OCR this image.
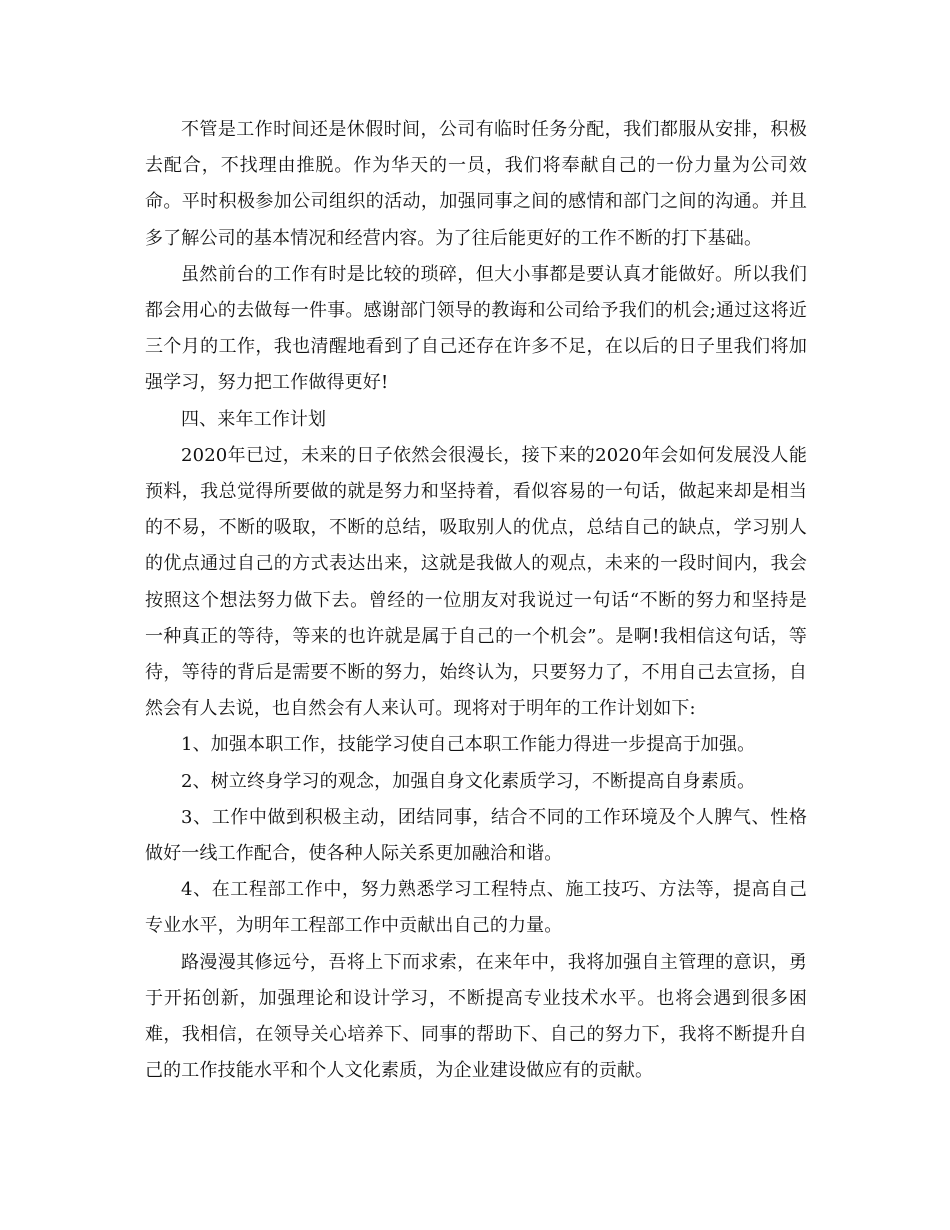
不管是工作时间还是休假时间，公司有临时任务分配，我们都服从安排，积极去配合，不找理由推脱。作为华天的一员，我们将奉献自己的一份力量为公司效命。平时积极参加公司组织的活动，加强同事之间的感情和部门之间的沟通。并且多了解公司的基本情况和经营内容。为了往后能更好的工作不断的打下基础。

虽然前台的工作有时是比较的琐碎，但大小事都是要认真才能做好。所以我们都会用心的去做每一件事。感谢部门领导的教诲和公司给予我们的机会;通过这将近三个月的工作，我也清醒地看到了自己还存在许多不足，在以后的日子里我们将加强学习，努力把工作做得更好!

四、来年工作计划

2020年已过，未来的日子依然会很漫长，接下来的2020年会如何发展没人能预料，我总觉得所要做的就是努力和坚持着，看似容易的一句话，做起来却是相当的不易，不断的吸取，不断的总结，吸取别人的优点，总结自己的缺点，学习别人的优点通过自己的方式表达出来，这就是我做人的观点，未来的一段时间内，我会按照这个想法努力做下去。曾经的一位朋友对我说过一句话“不断的努力和坚持是一种真正的等待，等来的也许就是属于自己的一个机会”。是啊!我相信这句话，等待，等待的背后是需要不断的努力，始终认为，只要努力了，不用自己去宣扬，自然会有人去说，也自然会有人来认可。现将对于明年的工作计划如下:

1、加强本职工作，技能学习使自己本职工作能力得进一步提高于加强。

2、树立终身学习的观念，加强自身文化素质学习，不断提高自身素质。

3、工作中做到积极主动，团结同事，结合不同的工作环境及个人脾气、性格做好一线工作配合，使各种人际关系更加融洽和谐。

4、在工程部工作中，努力熟悉学习工程特点、施工技巧、方法等，提高自己专业水平，为明年工程部工作中贡献出自己的力量。

路漫漫其修远兮，吾将上下而求索，在来年中，我将加强自主管理的意识，勇于开拓创新，加强理论和设计学习，不断提高专业技术水平。也将会遇到很多困难，我相信，在领导关心培养下、同事的帮助下、自己的努力下，我将不断提升自己的工作技能水平和个人文化素质，为企业建设做应有的贡献。
